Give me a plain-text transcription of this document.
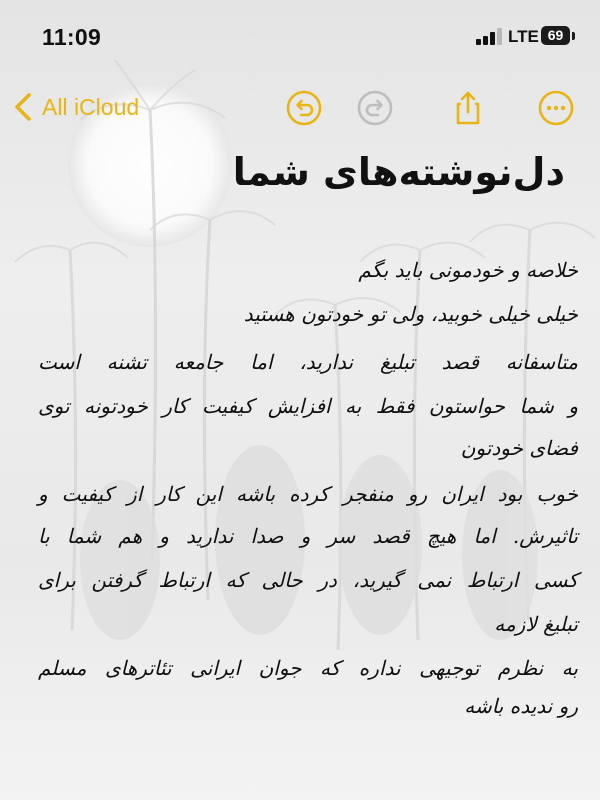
11:09	LTE 69
All iCloud
دل‌نوشته‌های شما
خلاصه و خودمونی باید بگم
خیلی خیلی خوبید، ولی تو خودتون هستید
متاسفانه قصد تبلیغ ندارید، اما جامعه تشنه است
و شما حواستون فقط به افزایش کیفیت کار خودتونه توی
فضای خودتون
خوب بود ایران رو منفجر کرده باشه این کار از کیفیت و
تاثیرش. اما هیچ قصد سر و صدا ندارید و هم شما با
کسی ارتباط نمی گیرید، در حالی که ارتباط گرفتن برای
تبلیغ لازمه
به نظرم توجیهی نداره که جوان ایرانی تئاترهای مسلم
رو ندیده باشه
